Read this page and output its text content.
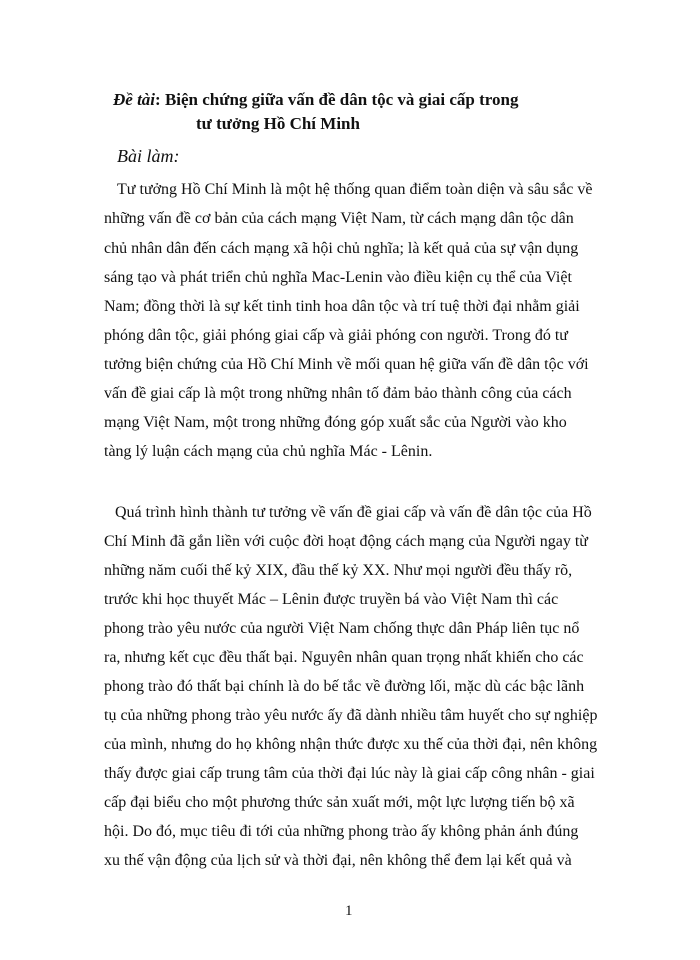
Đề tài: Biện chứng giữa vấn đề dân tộc và giai cấp trong
tư tưởng Hồ Chí Minh
Bài làm:
Tư tưởng Hồ Chí Minh là một hệ thống quan điểm toàn diện và sâu sắc về
những vấn đề cơ bản của cách mạng Việt Nam, từ cách mạng dân tộc dân
chủ nhân dân đến cách mạng xã hội chủ nghĩa; là kết quả của sự vận dụng
sáng tạo và phát triển chủ nghĩa Mac-Lenin vào điều kiện cụ thể của Việt
Nam; đồng thời là sự kết tinh tinh hoa dân tộc và trí tuệ thời đại nhằm giải
phóng dân tộc, giải phóng giai cấp và giải phóng con người. Trong đó tư
tưởng biện chứng của Hồ Chí Minh về mối quan hệ giữa vấn đề dân tộc với
vấn đề giai cấp là một trong những nhân tố đảm bảo thành công của cách
mạng Việt Nam, một trong những đóng góp xuất sắc của Người vào kho
tàng lý luận cách mạng của chủ nghĩa Mác - Lênin.
Quá trình hình thành tư tưởng về vấn đề giai cấp và vấn đề dân tộc của Hồ
Chí Minh đã gắn liền với cuộc đời hoạt động cách mạng của Người ngay từ
những năm cuối thế kỷ XIX, đầu thế kỷ XX. Như mọi người đều thấy rõ,
trước khi học thuyết Mác – Lênin được truyền bá vào Việt Nam thì các
phong trào yêu nước của người Việt Nam chống thực dân Pháp liên tục nổ
ra, nhưng kết cục đều thất bại. Nguyên nhân quan trọng nhất khiến cho các
phong trào đó thất bại chính là do bế tắc về đường lối, mặc dù các bậc lãnh
tụ của những phong trào yêu nước ấy đã dành nhiều tâm huyết cho sự nghiệp
của mình, nhưng do họ không nhận thức được xu thế của thời đại, nên không
thấy được giai cấp trung tâm của thời đại lúc này là giai cấp công nhân - giai
cấp đại biểu cho một phương thức sản xuất mới, một lực lượng tiến bộ xã
hội. Do đó, mục tiêu đi tới của những phong trào ấy không phản ánh đúng
xu thế vận động của lịch sử và thời đại, nên không thể đem lại kết quả và
1
